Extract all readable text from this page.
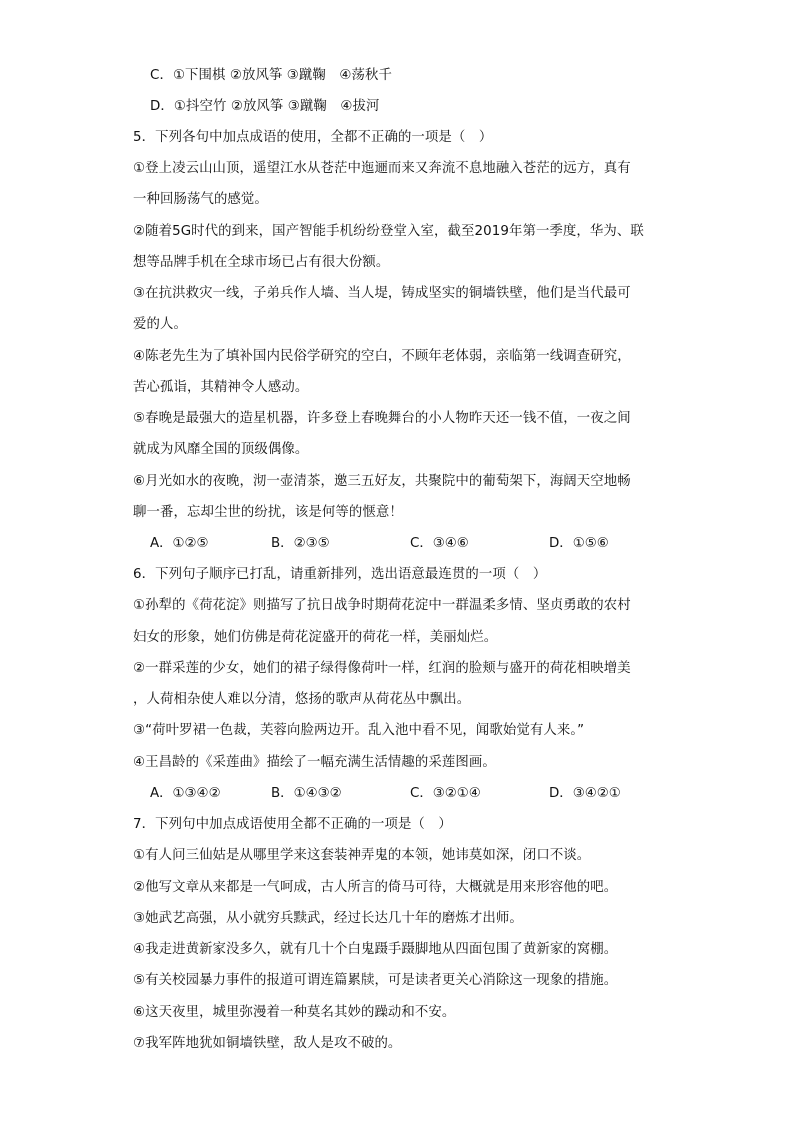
C．①下围棋 ②放风筝 ③蹴鞠　④荡秋千
D．①抖空竹 ②放风筝 ③蹴鞠　④拔河
5．下列各句中加点成语的使用，全都不正确的一项是（　）
①登上凌云山山顶，遥望江水从苍茫中迤逦而来又奔流不息地融入苍茫的远方，真有
一种回肠荡气的感觉。
②随着5G时代的到来，国产智能手机纷纷登堂入室，截至2019年第一季度，华为、联
想等品牌手机在全球市场已占有很大份额。
③在抗洪救灾一线，子弟兵作人墙、当人堤，铸成坚实的铜墙铁壁，他们是当代最可
爱的人。
④陈老先生为了填补国内民俗学研究的空白，不顾年老体弱，亲临第一线调查研究，
苦心孤诣，其精神令人感动。
⑤春晚是最强大的造星机器，许多登上春晚舞台的小人物昨天还一钱不值，一夜之间
就成为风靡全国的顶级偶像。
⑥月光如水的夜晚，沏一壶清茶，邀三五好友，共聚院中的葡萄架下，海阔天空地畅
聊一番，忘却尘世的纷扰，该是何等的惬意！
A．①②⑤	B．②③⑤	C．③④⑥	D．①⑤⑥
6．下列句子顺序已打乱，请重新排列，选出语意最连贯的一项（　）
①孙犁的《荷花淀》则描写了抗日战争时期荷花淀中一群温柔多情、坚贞勇敢的农村
妇女的形象，她们仿佛是荷花淀盛开的荷花一样，美丽灿烂。
②一群采莲的少女，她们的裙子绿得像荷叶一样，红润的脸颊与盛开的荷花相映增美
，人荷相杂使人难以分清，悠扬的歌声从荷花丛中飘出。
③“荷叶罗裙一色裁，芙蓉向脸两边开。乱入池中看不见，闻歌始觉有人来。”
④王昌龄的《采莲曲》描绘了一幅充满生活情趣的采莲图画。
A．①③④②	B．①④③②	C．③②①④	D．③④②①
7．下列句中加点成语使用全都不正确的一项是（　）
①有人问三仙姑是从哪里学来这套装神弄鬼的本领，她讳莫如深，闭口不谈。
②他写文章从来都是一气呵成，古人所言的倚马可待，大概就是用来形容他的吧。
③她武艺高强，从小就穷兵黩武，经过长达几十年的磨炼才出师。
④我走进黄新家没多久，就有几十个白鬼蹑手蹑脚地从四面包围了黄新家的窝棚。
⑤有关校园暴力事件的报道可谓连篇累牍，可是读者更关心消除这一现象的措施。
⑥这天夜里，城里弥漫着一种莫名其妙的躁动和不安。
⑦我军阵地犹如铜墙铁壁，敌人是攻不破的。
